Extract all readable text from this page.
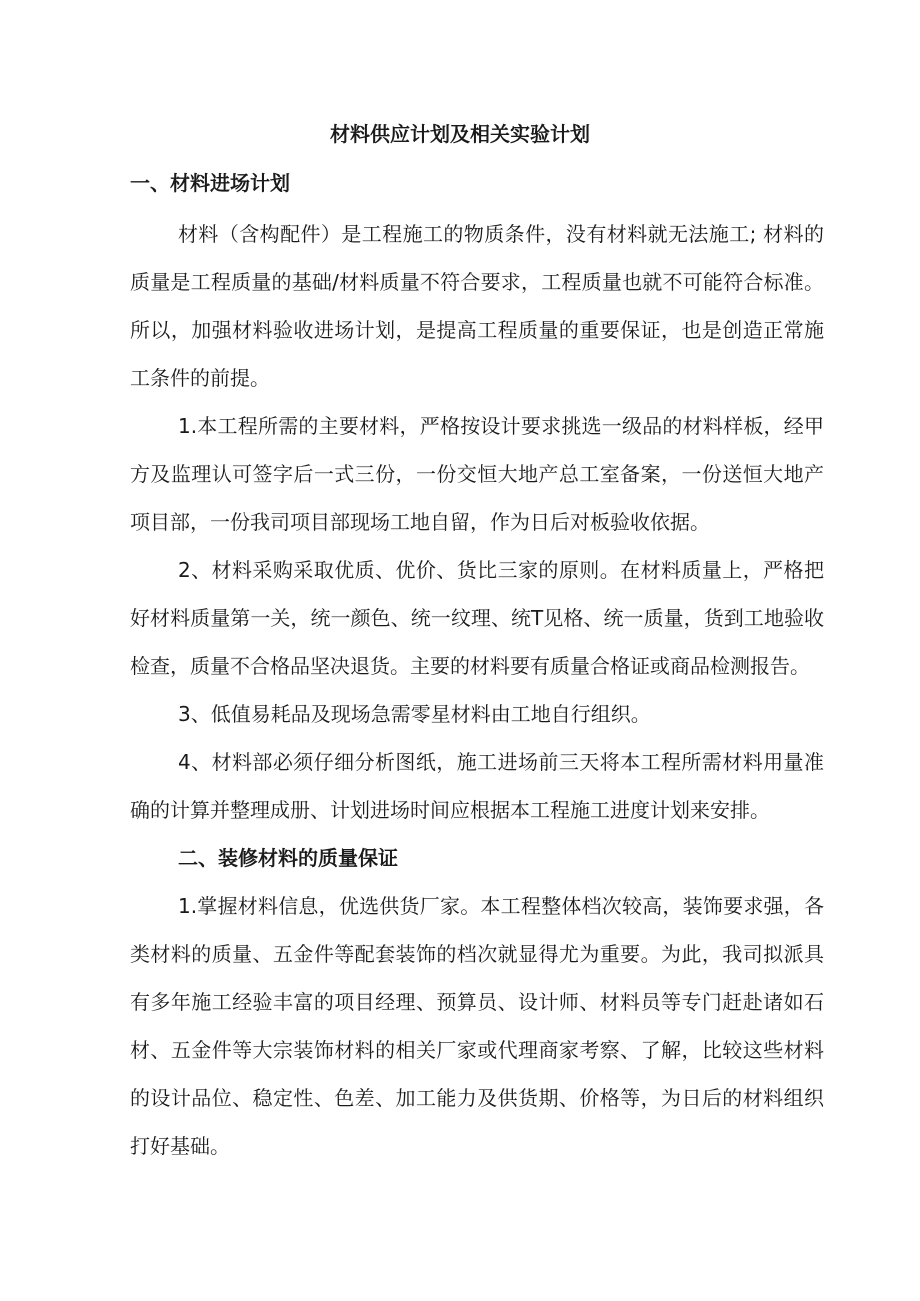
材料供应计划及相关实验计划
一、材料进场计划

材料（含构配件）是工程施工的物质条件，没有材料就无法施工; 材料的质量是工程质量的基础/材料质量不符合要求，工程质量也就不可能符合标准。所以，加强材料验收进场计划，是提高工程质量的重要保证，也是创造正常施工条件的前提。

1.本工程所需的主要材料，严格按设计要求挑选一级品的材料样板，经甲方及监理认可签字后一式三份，一份交恒大地产总工室备案，一份送恒大地产项目部，一份我司项目部现场工地自留，作为日后对板验收依据。

2、材料采购采取优质、优价、货比三家的原则。在材料质量上，严格把好材料质量第一关，统一颜色、统一纹理、统T见格、统一质量，货到工地验收检查，质量不合格品坚决退货。主要的材料要有质量合格证或商品检测报告。

3、低值易耗品及现场急需零星材料由工地自行组织。

4、材料部必须仔细分析图纸，施工进场前三天将本工程所需材料用量准确的计算并整理成册、计划进场时间应根据本工程施工进度计划来安排。

二、装修材料的质量保证

1.掌握材料信息，优选供货厂家。本工程整体档次较高，装饰要求强，各类材料的质量、五金件等配套装饰的档次就显得尤为重要。为此，我司拟派具有多年施工经验丰富的项目经理、预算员、设计师、材料员等专门赶赴诸如石材、五金件等大宗装饰材料的相关厂家或代理商家考察、了解，比较这些材料的设计品位、稳定性、色差、加工能力及供货期、价格等，为日后的材料组织打好基础。
